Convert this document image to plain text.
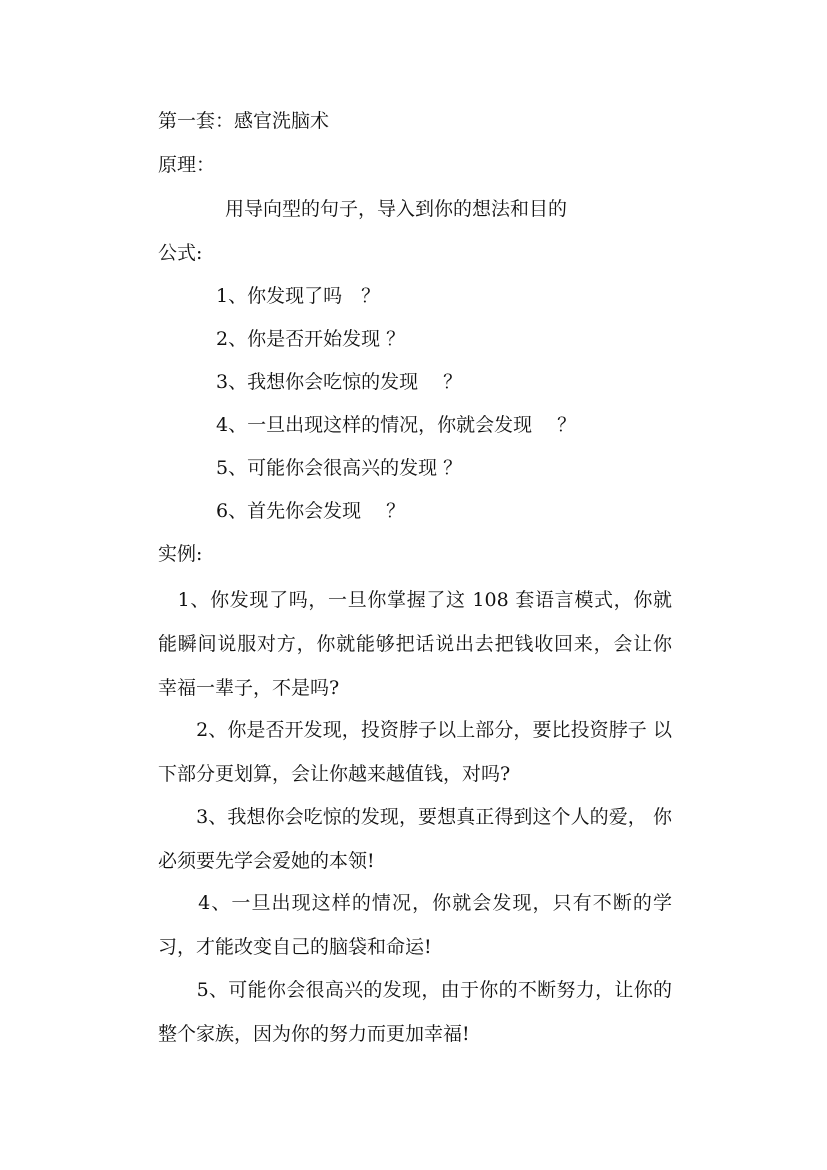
第一套：感官洗脑术

原理：

用导向型的句子，导入到你的想法和目的

公式:

1、你发现了吗　？

2、你是否开始发现 ？

3、我想你会吃惊的发现　 ？

4、一旦出现这样的情况，你就会发现　 ？

5、可能你会很高兴的发现 ？

6、首先你会发现　 ？

实例:

　1、你发现了吗，一旦你掌握了这 108 套语言模式，你就 能瞬间说服对方，你就能够把话说出去把钱收回来，会让你 幸福一辈子，不是吗?

　　2、你是否开发现，投资脖子以上部分，要比投资脖子 以下部分更划算，会让你越来越值钱，对吗?

　　3、我想你会吃惊的发现，要想真正得到这个人的爱， 你必须要先学会爱她的本领!

　　4、一旦出现这样的情况，你就会发现，只有不断的学 习，才能改变自己的脑袋和命运!

　　5、可能你会很高兴的发现，由于你的不断努力，让你的整个家族，因为你的努力而更加幸福!
